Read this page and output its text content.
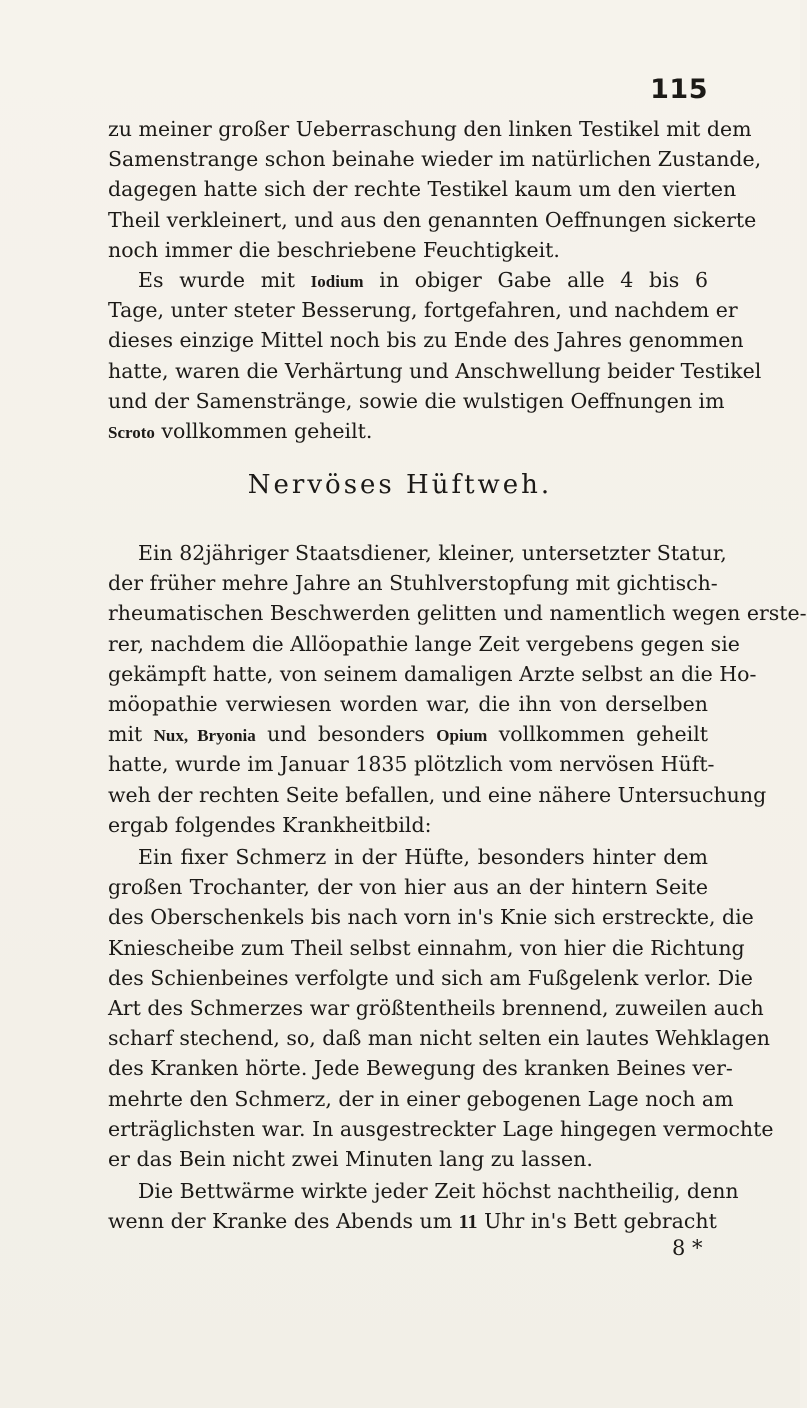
115
zu meiner großer Ueberraschung den linken Testikel mit dem
Samenstrange schon beinahe wieder im natürlichen Zustande,
dagegen hatte sich der rechte Testikel kaum um den vierten
Theil verkleinert, und aus den genannten Oeffnungen sickerte
noch immer die beschriebene Feuchtigkeit.
Es wurde mit Iodium in obiger Gabe alle 4 bis 6
Tage, unter steter Besserung, fortgefahren, und nachdem er
dieses einzige Mittel noch bis zu Ende des Jahres genommen
hatte, waren die Verhärtung und Anschwellung beider Testikel
und der Samenstränge, sowie die wulstigen Oeffnungen im
Scroto vollkommen geheilt.
Nervöses Hüftweh.
Ein 82jähriger Staatsdiener, kleiner, untersetzter Statur,
der früher mehre Jahre an Stuhlverstopfung mit gichtisch-
rheumatischen Beschwerden gelitten und namentlich wegen erste-
rer, nachdem die Allöopathie lange Zeit vergebens gegen sie
gekämpft hatte, von seinem damaligen Arzte selbst an die Ho-
möopathie verwiesen worden war, die ihn von derselben
mit Nux, Bryonia und besonders Opium vollkommen geheilt
hatte, wurde im Januar 1835 plötzlich vom nervösen Hüft-
weh der rechten Seite befallen, und eine nähere Untersuchung
ergab folgendes Krankheitbild:
Ein fixer Schmerz in der Hüfte, besonders hinter dem
großen Trochanter, der von hier aus an der hintern Seite
des Oberschenkels bis nach vorn in's Knie sich erstreckte, die
Kniescheibe zum Theil selbst einnahm, von hier die Richtung
des Schienbeines verfolgte und sich am Fußgelenk verlor. Die
Art des Schmerzes war größtentheils brennend, zuweilen auch
scharf stechend, so, daß man nicht selten ein lautes Wehklagen
des Kranken hörte. Jede Bewegung des kranken Beines ver-
mehrte den Schmerz, der in einer gebogenen Lage noch am
erträglichsten war. In ausgestreckter Lage hingegen vermochte
er das Bein nicht zwei Minuten lang zu lassen.
Die Bettwärme wirkte jeder Zeit höchst nachtheilig, denn
wenn der Kranke des Abends um 11 Uhr in's Bett gebracht
8 *
